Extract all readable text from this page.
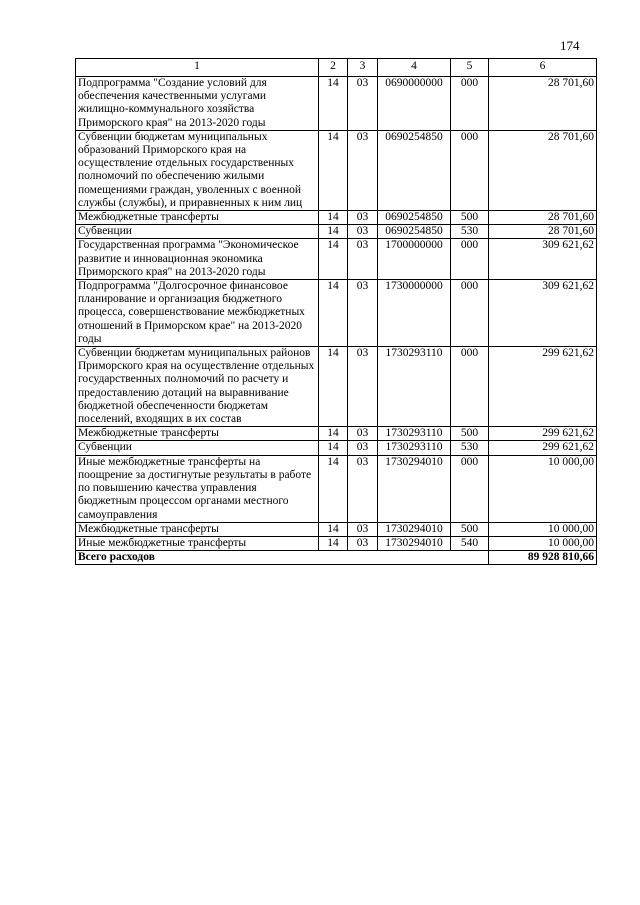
174
1	2	3	4	5	6
Подпрограмма "Создание условий для обеспечения качественными услугами жилищно-коммунального хозяйства Приморского края" на 2013-2020 годы	14	03	0690000000	000	28 701,60
Субвенции бюджетам муниципальных образований Приморского края на осуществление отдельных государственных полномочий по обеспечению жилыми помещениями граждан, уволенных с военной службы (службы), и приравненных к ним лиц	14	03	0690254850	000	28 701,60
Межбюджетные трансферты	14	03	0690254850	500	28 701,60
Субвенции	14	03	0690254850	530	28 701,60
Государственная программа "Экономическое развитие и инновационная экономика Приморского края" на 2013-2020 годы	14	03	1700000000	000	309 621,62
Подпрограмма "Долгосрочное финансовое планирование и организация бюджетного процесса, совершенствование межбюджетных отношений в Приморском крае" на 2013-2020 годы	14	03	1730000000	000	309 621,62
Субвенции бюджетам муниципальных районов Приморского края на осуществление отдельных государственных полномочий по расчету и предоставлению дотаций на выравнивание бюджетной обеспеченности бюджетам поселений, входящих в их состав	14	03	1730293110	000	299 621,62
Межбюджетные трансферты	14	03	1730293110	500	299 621,62
Субвенции	14	03	1730293110	530	299 621,62
Иные межбюджетные трансферты на поощрение за достигнутые результаты в работе по повышению качества управления бюджетным процессом органами местного самоуправления	14	03	1730294010	000	10 000,00
Межбюджетные трансферты	14	03	1730294010	500	10 000,00
Иные межбюджетные трансферты	14	03	1730294010	540	10 000,00
Всего расходов					89 928 810,66
